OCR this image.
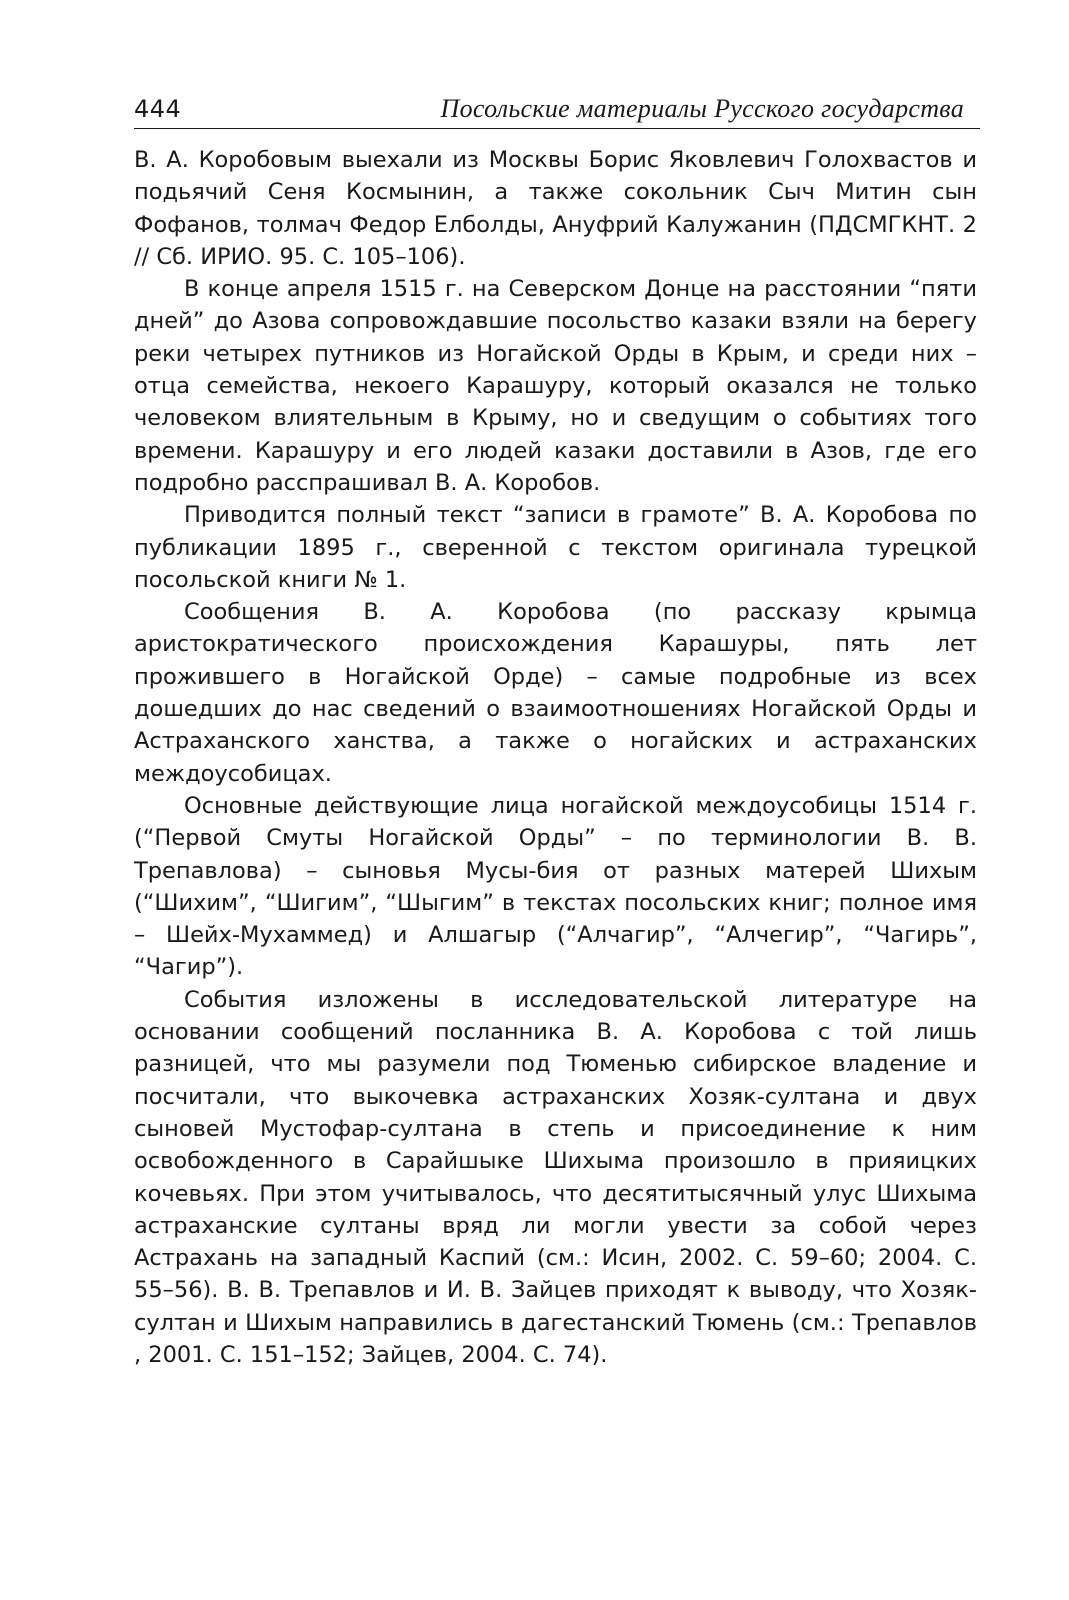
444	Посольские материалы Русского государства

В. А. Коробовым выехали из Москвы Борис Яковлевич Голохвастов и подьячий Сеня Космынин, а также сокольник Сыч Митин сын Фофанов, толмач Федор Елболды, Ануфрий Калужанин (ПДСМГКНТ. 2 // Сб. ИРИО. 95. С. 105–106).

В конце апреля 1515 г. на Северском Донце на расстоянии “пяти дней” до Азова сопровождавшие посольство казаки взяли на берегу реки четырех путников из Ногайской Орды в Крым, и среди них – отца семейства, некоего Карашуру, который оказался не только человеком влиятельным в Крыму, но и сведущим о событиях того времени. Карашуру и его людей казаки доставили в Азов, где его подробно расспрашивал В. А. Коробов.

Приводится полный текст “записи в грамоте” В. А. Коробова по публикации 1895 г., сверенной с текстом оригинала турецкой посольской книги № 1.

Сообщения В. А. Коробова (по рассказу крымца аристократического происхождения Карашуры, пять лет прожившего в Ногайской Орде) – самые подробные из всех дошедших до нас сведений о взаимоотношениях Ногайской Орды и Астраханского ханства, а также о ногайских и астраханских междоусобицах.

Основные действующие лица ногайской междоусобицы 1514 г. (“Первой Смуты Ногайской Орды” – по терминологии В. В. Трепавлова) – сыновья Мусы-бия от разных матерей Шихым (“Шихим”, “Шигим”, “Шыгим” в текстах посольских книг; полное имя – Шейх-Мухаммед) и Алшагыр (“Алчагир”, “Алчегир”, “Чагирь”, “Чагир”).

События изложены в исследовательской литературе на основании сообщений посланника В. А. Коробова с той лишь разницей, что мы разумели под Тюменью сибирское владение и посчитали, что выкочевка астраханских Хозяк-султана и двух сыновей Мустофар-султана в степь и присоединение к ним освобожденного в Сарайшыке Шихыма произошло в прияицких кочевьях. При этом учитывалось, что десятитысячный улус Шихыма астраханские султаны вряд ли могли увести за собой через Астрахань на западный Каспий (см.: Исин, 2002. С. 59–60; 2004. С. 55–56). В. В. Трепавлов и И. В. Зайцев приходят к выводу, что Хозяк-султан и Шихым направились в дагестанский Тюмень (см.: Трепавлов , 2001. С. 151–152; Зайцев, 2004. С. 74).
